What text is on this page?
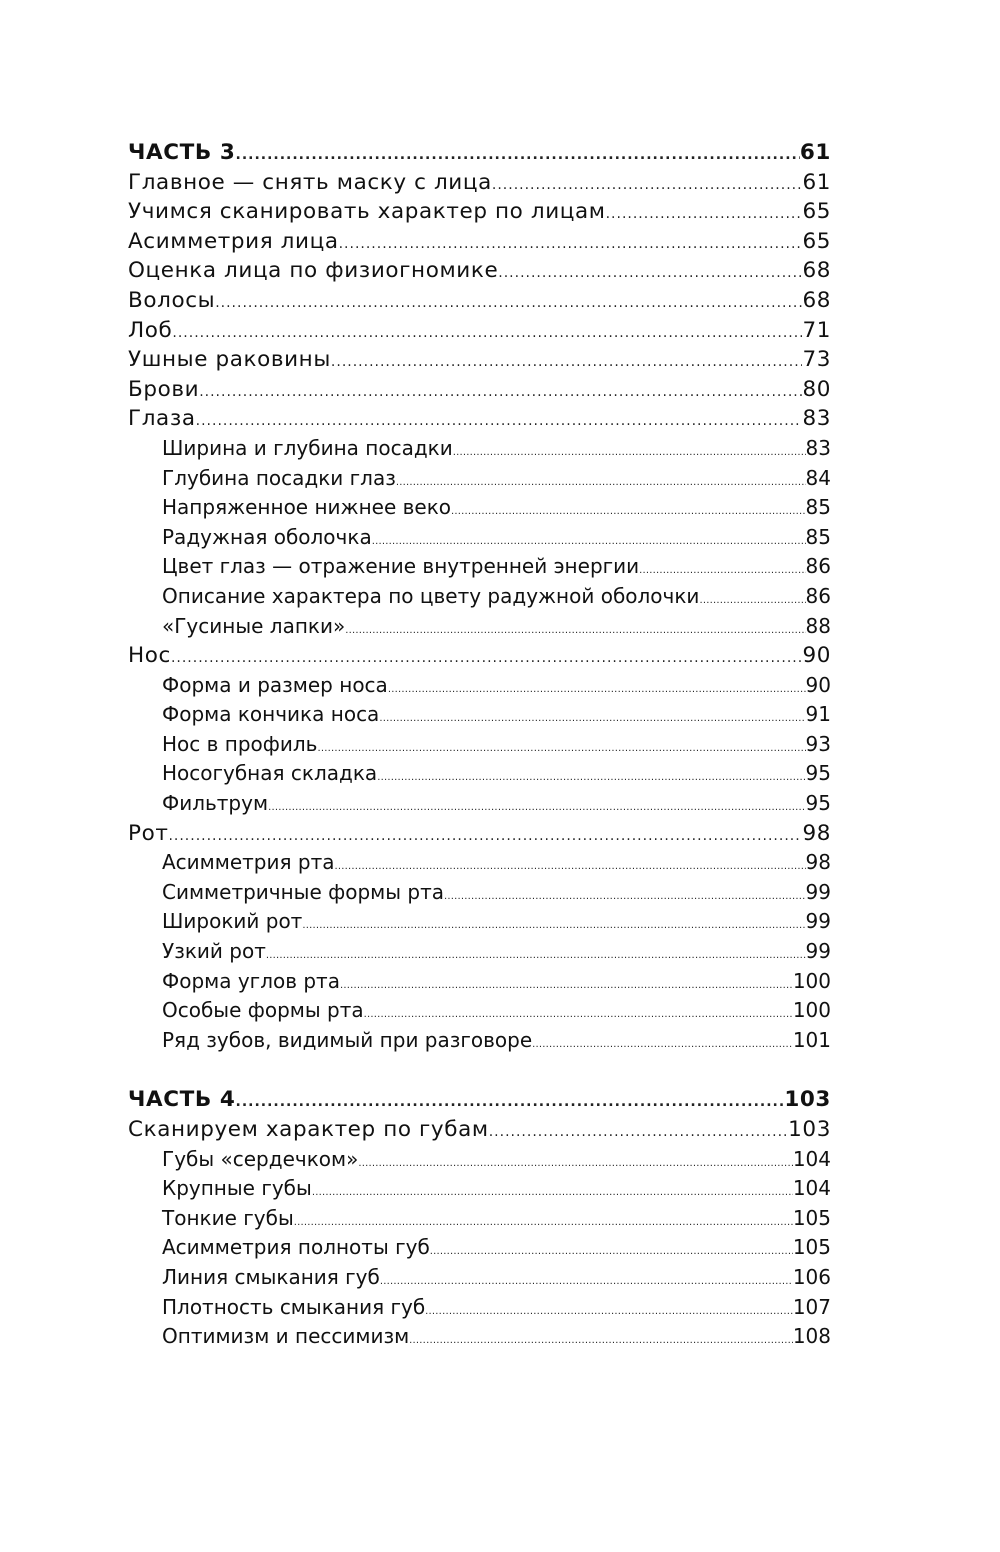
ЧАСТЬ 3 .....	61
Главное — снять маску с лица .....	61
Учимся сканировать характер по лицам .....	65
Асимметрия лица .....	65
Оценка лица по физиогномике .....	68
Волосы .....	68
Лоб .....	71
Ушные раковины .....	73
Брови .....	80
Глаза .....	83
Ширина и глубина посадки .....	83
Глубина посадки глаз .....	84
Напряженное нижнее веко .....	85
Радужная оболочка .....	85
Цвет глаз — отражение внутренней энергии .....	86
Описание характера по цвету радужной оболочки .....	86
«Гусиные лапки» .....	88
Нос .....	90
Форма и размер носа .....	90
Форма кончика носа .....	91
Нос в профиль .....	93
Носогубная складка .....	95
Фильтрум .....	95
Рот .....	98
Асимметрия рта .....	98
Симметричные формы рта .....	99
Широкий рот .....	99
Узкий рот .....	99
Форма углов рта .....	100
Особые формы рта .....	100
Ряд зубов, видимый при разговоре .....	101
ЧАСТЬ 4 .....	103
Сканируем характер по губам .....	103
Губы «сердечком» .....	104
Крупные губы .....	104
Тонкие губы .....	105
Асимметрия полноты губ .....	105
Линия смыкания губ .....	106
Плотность смыкания губ .....	107
Оптимизм и пессимизм .....	108
